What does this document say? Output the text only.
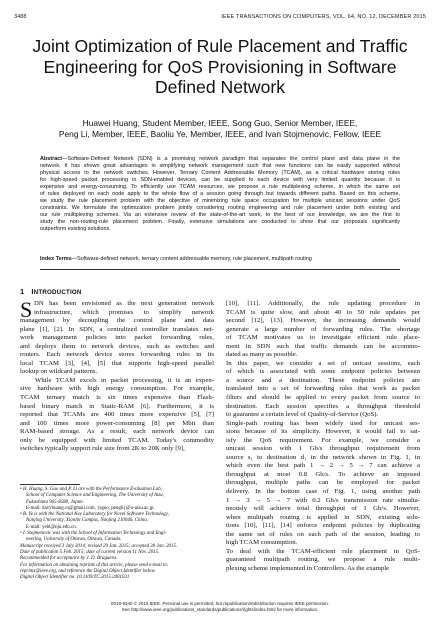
3488	IEEE TRANSACTIONS ON COMPUTERS, VOL. 64, NO. 12, DECEMBER 2015
Joint Optimization of Rule Placement and Traffic
Engineering for QoS Provisioning in Software
Defined Network
Huawei Huang, Student Member, IEEE, Song Guo, Senior Member, IEEE,
Peng Li, Member, IEEE, Baoliu Ye, Member, IEEE, and Ivan Stojmenovic, Fellow, IEEE
Abstract—Software-Defined Network (SDN) is a promising network paradigm that separates the control plane and data plane in the
network. It has shown great advantages in simplifying network management such that new functions can be easily supported without
physical access to the network switches. However, Ternary Content Addressable Memory (TCAM), as a critical hardware storing rules
for high-speed packet processing in SDN-enabled devices, can be supplied to each device with very limited quantity because it is
expensive and energy-consuming. To efficiently use TCAM resources, we propose a rule multiplexing scheme, in which the same set
of rules deployed on each node apply to the whole flow of a session going through but towards different paths. Based on this scheme,
we study the rule placement problem with the objective of minimizing rule space occupation for multiple unicast sessions under QoS
constraints. We formulate the optimization problem jointly considering routing engineering and rule placement under both existing and
our rule multiplexing schemes. Via an extensive review of the state-of-the-art work, to the best of our knowledge, we are the first to
study the non-routing-rule placement problem. Finally, extensive simulations are conducted to show that our proposals significantly
outperform existing solutions.
Index Terms—Software-defined network, ternary content addressable memory, rule placement, multipath routing
1 INTRODUCTION
S DN has been envisioned as the next generation network
infrastructure, which promises to simplify network
management by decoupling the control plane and data
plane [1], [2]. In SDN, a centralized controller translates net-
work management policies into packet forwarding rules,
and deploys them to network devices, such as switches and
routers. Each network device stores forwarding rules in its
local TCAM [3], [4], [5] that supports high-speed parallel
lookup on wildcard patterns.
While TCAM excels in packet processing, it is an expen-
sive hardware with high energy consumption. For example,
TCAM ternary match is six times expensive than Flash-
based binary match in Static-RAM [6]. Furthermore, it is
reported that TCAMs are 400 times more expensive [5], [7]
and 100 times more power-consuming [8] per Mbit than
RAM-based storage. As a result, each network device can
only be equipped with limited TCAM. Today's commodity
switches typically support rule size from 2K to 20K only [9],
• H. Huang, S. Guo and P. Li are with the Performance Evaluation Lab,
School of Computer Science and Engineering, The University of Aizu,
Fukushima 965-8580, Japan.
E-mail: davyhuang.cs@gmail.com, {sguo, pengli}@u-aizu.ac.jp.
• B. Ye is with the National Key Laboratory for Novel Software Technology,
Nanjing University, Xianlin Campus, Nanjing 210046, China.
E-mail: yebl@nju.edu.cn.
• I. Stojmenovic was with the School of Information Technology and Engi-
neering, University of Ottawa, Ottawa, Canada.
Manuscript received 3 July 2014; revised 29 Jan. 2015; accepted 30 Jan. 2015.
Date of publication 5 Feb. 2015; date of current version 11 Nov. 2015.
Recommended for acceptance by J. D. Bruguera.
For information on obtaining reprints of this article, please send e-mail to:
reprints@ieee.org, and reference the Digital Object Identifier below.
Digital Object Identifier no. 10.1109/TC.2015.2401031
[10], [11]. Additionally, the rule updating procedure in
TCAM is quite slow, and about 40 to 50 rule updates per
second [12], [13]. However, the increasing demands would
generate a large number of forwarding rules. The shortage
of TCAM motivates us to investigate efficient rule place-
ment in SDN such that traffic demands can be accommo-
dated as many as possible.
In this paper, we consider a set of unicast sessions, each
of which is associated with some endpoint policies between
a source and a destination. These endpoint policies are
translated into a set of forwarding rules that work as packet
filters and should be applied to every packet from source to
destination. Each session specifies a throughput threshold
to guarantee a certain level of Quality-of-Service (QoS).
Single-path routing has been widely used for unicast ses-
sions because of its simplicity. However, it would fail to sat-
isfy the QoS requirement. For example, we consider a
unicast session with 1 Gb/s throughput requirement from
source s₁ to destination d₁ in the network shown in Fig. 1, in
which even the best path 1 → 2 → 5 → 7 can achieve a
throughput at most 0.8 Gb/s. To achieve an imposed
throughput, multiple paths can be employed for packet
delivery. In the bottom case of Fig. 1, using another path
1 → 3 → 5 → 7 with 0.2 Gb/s transmission rate simulta-
neously will achieve total throughput of 1 Gb/s. However,
when multipath routing is applied in SDN, existing solu-
tions [10], [11], [14] enforce endpoint policies by duplicating
the same set of rules on each path of the session, leading to
high TCAM consumption.
To deal with the TCAM-efficient rule placement in QoS-
guaranteed multipath routing, we propose a rule multi-
plexing scheme implemented in Controllers. As the example
0018-9340 © 2015 IEEE. Personal use is permitted, but republication/redistribution requires IEEE permission.
See http://www.ieee.org/publications_standards/publications/rights/index.html for more information.
